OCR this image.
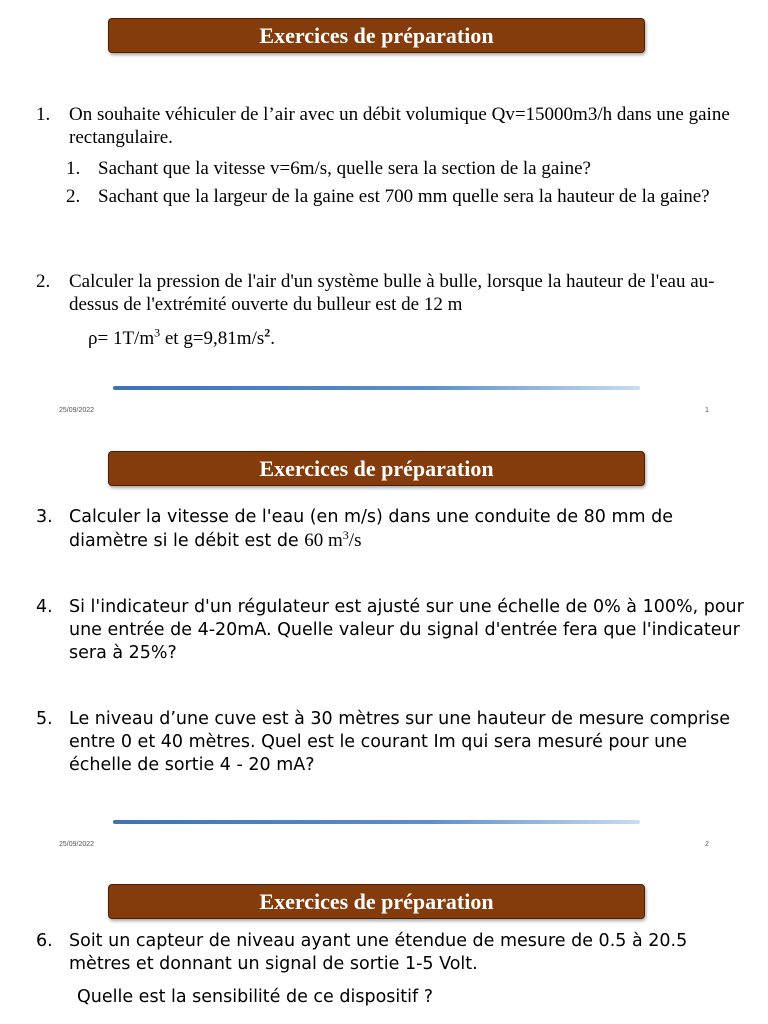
Exercices de préparation
1. On souhaite véhiculer de l’air avec un débit volumique Qv=15000m3/h dans une gaine rectangulaire.
1. Sachant que la vitesse v=6m/s, quelle sera la section de la gaine?
2. Sachant que la largeur de la gaine est 700 mm quelle sera la hauteur de la gaine?
2. Calculer la pression de l'air d'un système bulle à bulle, lorsque la hauteur de l'eau au-dessus de l'extrémité ouverte du bulleur est de 12 m
$\rho= 1T/m^3$ et $g=9,81m/s^2$.
25/09/2022	1
Exercices de préparation
3. Calculer la vitesse de l'eau (en m/s) dans une conduite de 80 mm de diamètre si le débit est de 60 $m^3/s$
4. Si l'indicateur d'un régulateur est ajusté sur une échelle de 0% à 100%, pour une entrée de 4-20mA. Quelle valeur du signal d'entrée fera que l'indicateur sera à 25%?
5. Le niveau d’une cuve est à 30 mètres sur une hauteur de mesure comprise entre 0 et 40 mètres. Quel est le courant Im qui sera mesuré pour une échelle de sortie 4 - 20 mA?
25/09/2022	2
Exercices de préparation
6. Soit un capteur de niveau ayant une étendue de mesure de 0.5 à 20.5 mètres et donnant un signal de sortie 1-5 Volt.
Quelle est la sensibilité de ce dispositif ?
